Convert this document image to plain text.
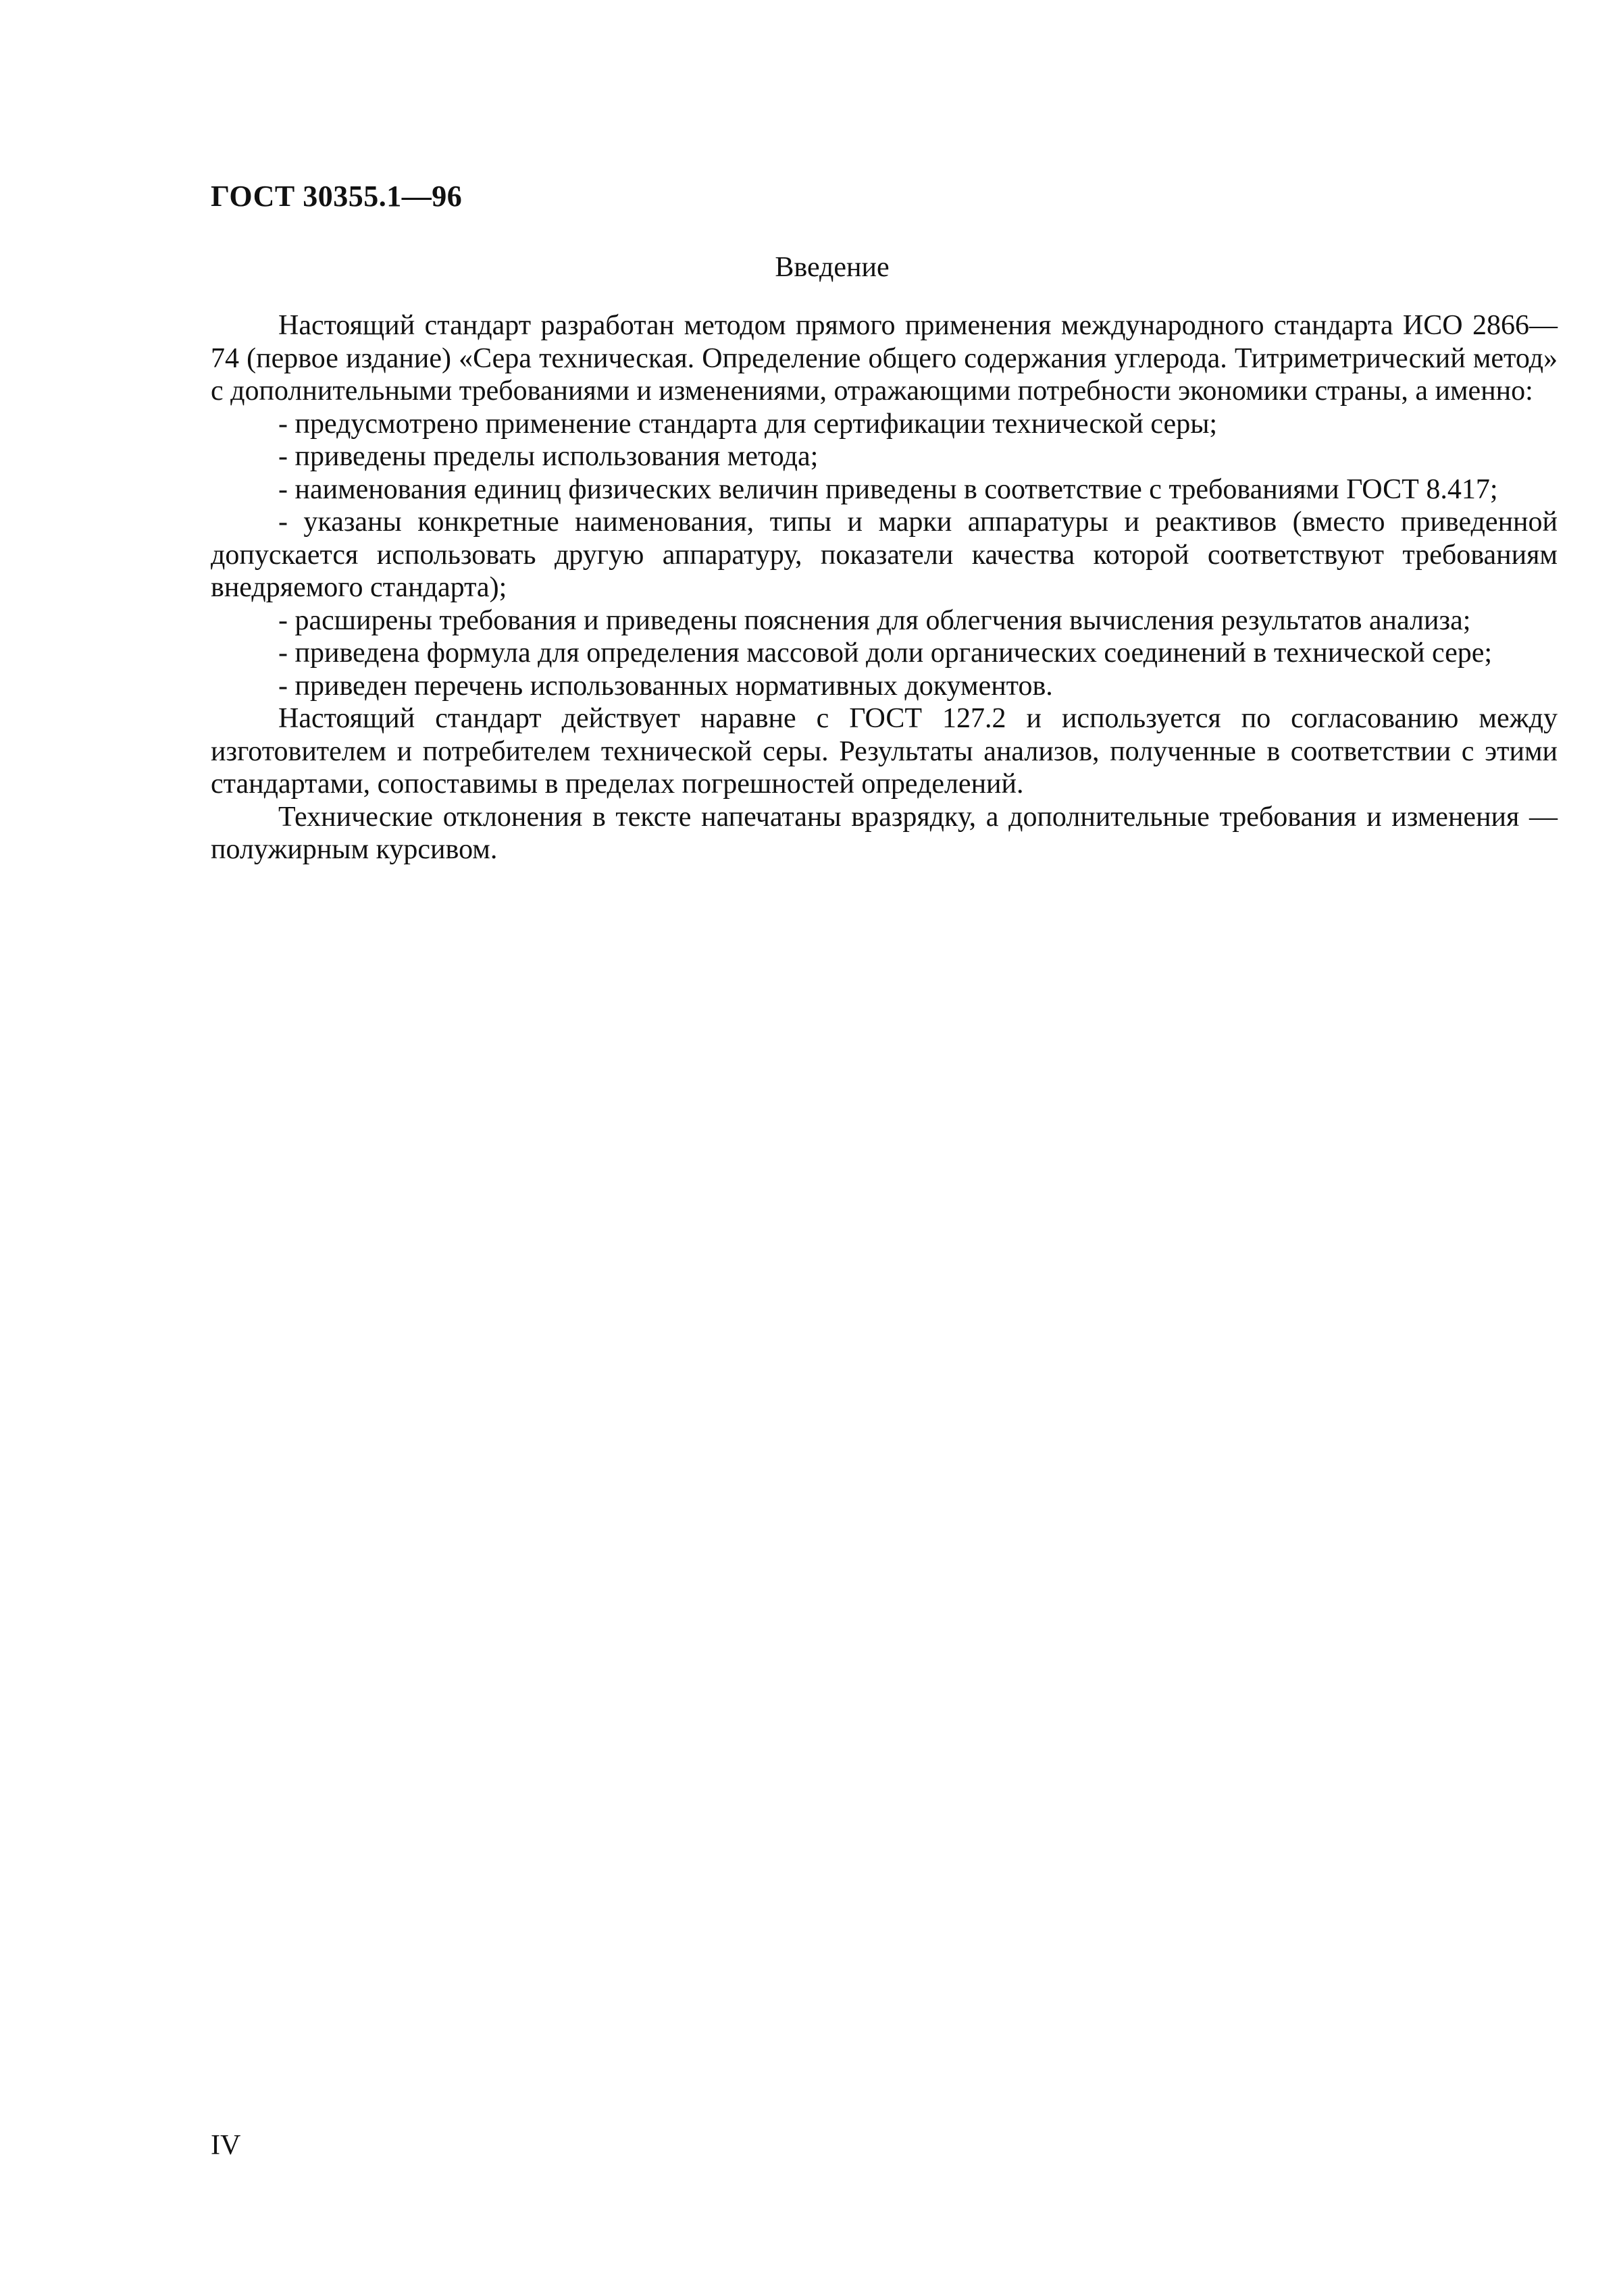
ГОСТ 30355.1—96
Введение

Настоящий стандарт разработан методом прямого применения международного стандарта ИСО 2866—74 (первое издание) «Сера техническая. Определение общего содержания углерода. Титриметрический метод» с дополнительными требованиями и изменениями, отражающими потребности экономики страны, а именно:

- предусмотрено применение стандарта для сертификации технической серы;

- приведены пределы использования метода;

- наименования единиц физических величин приведены в соответствие с требованиями ГОСТ 8.417;

- указаны конкретные наименования, типы и марки аппаратуры и реактивов (вместо приведенной допускается использовать другую аппаратуру, показатели качества которой соответствуют требованиям внедряемого стандарта);

- расширены требования и приведены пояснения для облегчения вычисления результатов анализа;

- приведена формула для определения массовой доли органических соединений в технической сере;

- приведен перечень использованных нормативных документов.

Настоящий стандарт действует наравне с ГОСТ 127.2 и используется по согласованию между изготовителем и потребителем технической серы. Результаты анализов, полученные в соответствии с этими стандартами, сопоставимы в пределах погрешностей определений.

Технические отклонения в тексте напечатаны вразрядку, а дополнительные требования и изменения — полужирным курсивом.

IV
